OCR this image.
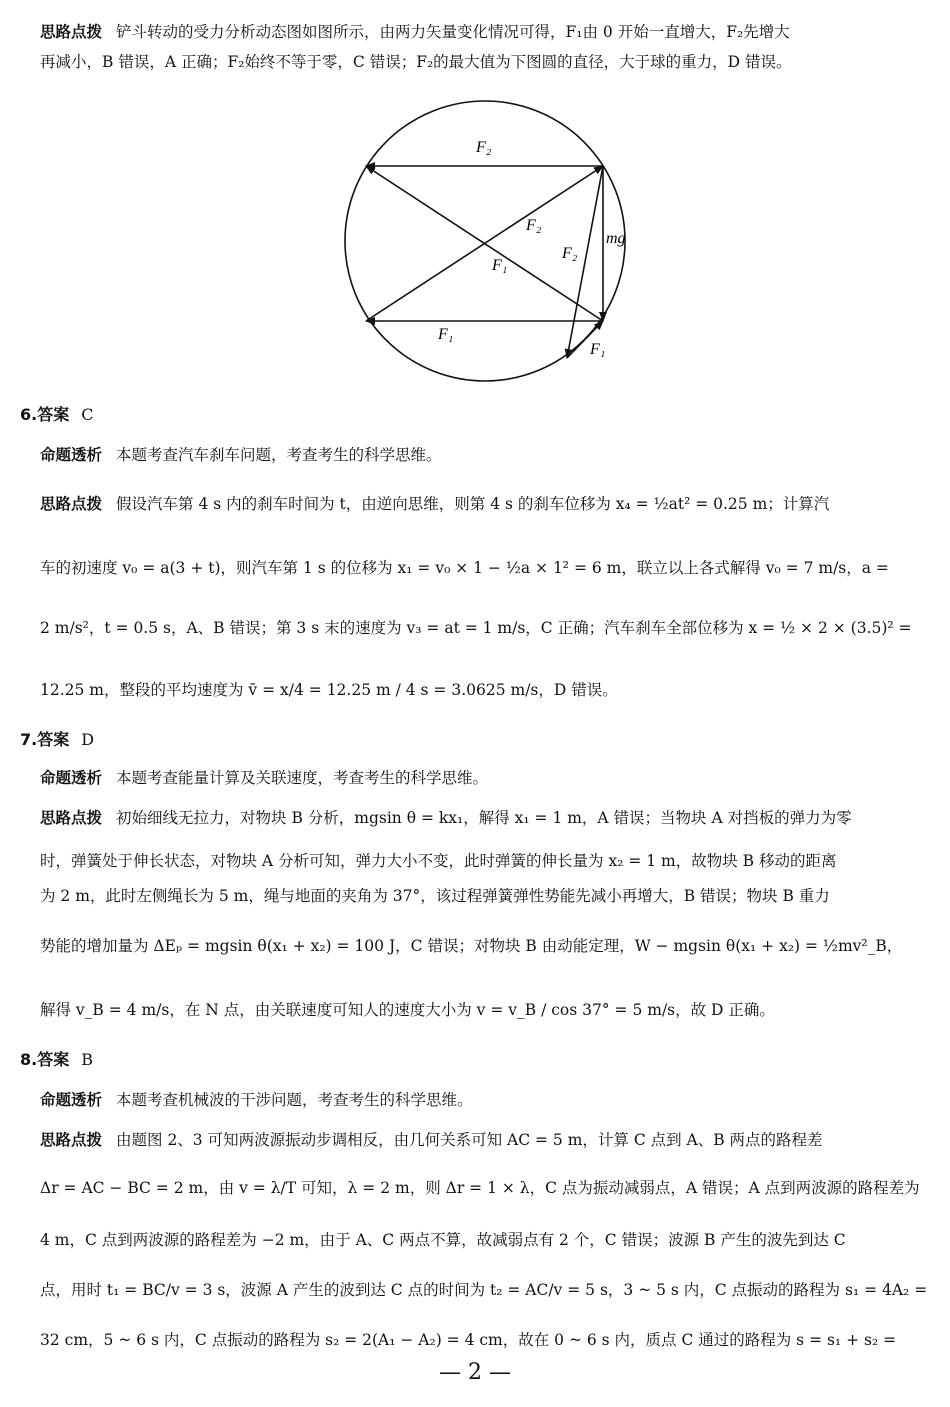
思路点拨 铲斗转动的受力分析动态图如图所示，由两力矢量变化情况可得，F₁由 0 开始一直增大，F₂先增大

再减小，B 错误，A 正确；F₂始终不等于零，C 错误；F₂的最大值为下图圆的直径，大于球的重力，D 错误。

F₂
F₂
F₂
mg
F₁
F₁
F₁
6.答案 C
命题透析 本题考查汽车刹车问题，考查考生的科学思维。
思路点拨 假设汽车第 4 s 内的刹车时间为 t，由逆向思维，则第 4 s 的刹车位移为 x₄ = ½at² = 0.25 m；计算汽
车的初速度 v₀ = a(3 + t)，则汽车第 1 s 的位移为 x₁ = v₀ × 1 − ½a × 1² = 6 m，联立以上各式解得 v₀ = 7 m/s，a =
2 m/s²，t = 0.5 s，A、B 错误；第 3 s 末的速度为 v₃ = at = 1 m/s，C 正确；汽车刹车全部位移为 x = ½ × 2 × (3.5)² =
12.25 m，整段的平均速度为 v̄ = x/4 = 12.25 m / 4 s = 3.0625 m/s，D 错误。
7.答案 D
命题透析 本题考查能量计算及关联速度，考查考生的科学思维。
思路点拨 初始细线无拉力，对物块 B 分析，mgsin θ = kx₁，解得 x₁ = 1 m，A 错误；当物块 A 对挡板的弹力为零
时，弹簧处于伸长状态，对物块 A 分析可知，弹力大小不变，此时弹簧的伸长量为 x₂ = 1 m，故物块 B 移动的距离
为 2 m，此时左侧绳长为 5 m，绳与地面的夹角为 37°，该过程弹簧弹性势能先减小再增大，B 错误；物块 B 重力
势能的增加量为 ΔEₚ = mgsin θ(x₁ + x₂) = 100 J，C 错误；对物块 B 由动能定理，W − mgsin θ(x₁ + x₂) = ½mv²_B，
解得 v_B = 4 m/s，在 N 点，由关联速度可知人的速度大小为 v = v_B / cos 37° = 5 m/s，故 D 正确。
8.答案 B
命题透析 本题考查机械波的干涉问题，考查考生的科学思维。
思路点拨 由题图 2、3 可知两波源振动步调相反，由几何关系可知 AC = 5 m，计算 C 点到 A、B 两点的路程差
Δr = AC − BC = 2 m，由 v = λ/T 可知，λ = 2 m，则 Δr = 1 × λ，C 点为振动减弱点，A 错误；A 点到两波源的路程差为
4 m，C 点到两波源的路程差为 −2 m，由于 A、C 两点不算，故减弱点有 2 个，C 错误；波源 B 产生的波先到达 C
点，用时 t₁ = BC/v = 3 s，波源 A 产生的波到达 C 点的时间为 t₂ = AC/v = 5 s，3 ~ 5 s 内，C 点振动的路程为 s₁ = 4A₂ =
32 cm，5 ~ 6 s 内，C 点振动的路程为 s₂ = 2(A₁ − A₂) = 4 cm，故在 0 ~ 6 s 内，质点 C 通过的路程为 s = s₁ + s₂ =
— 2 —
